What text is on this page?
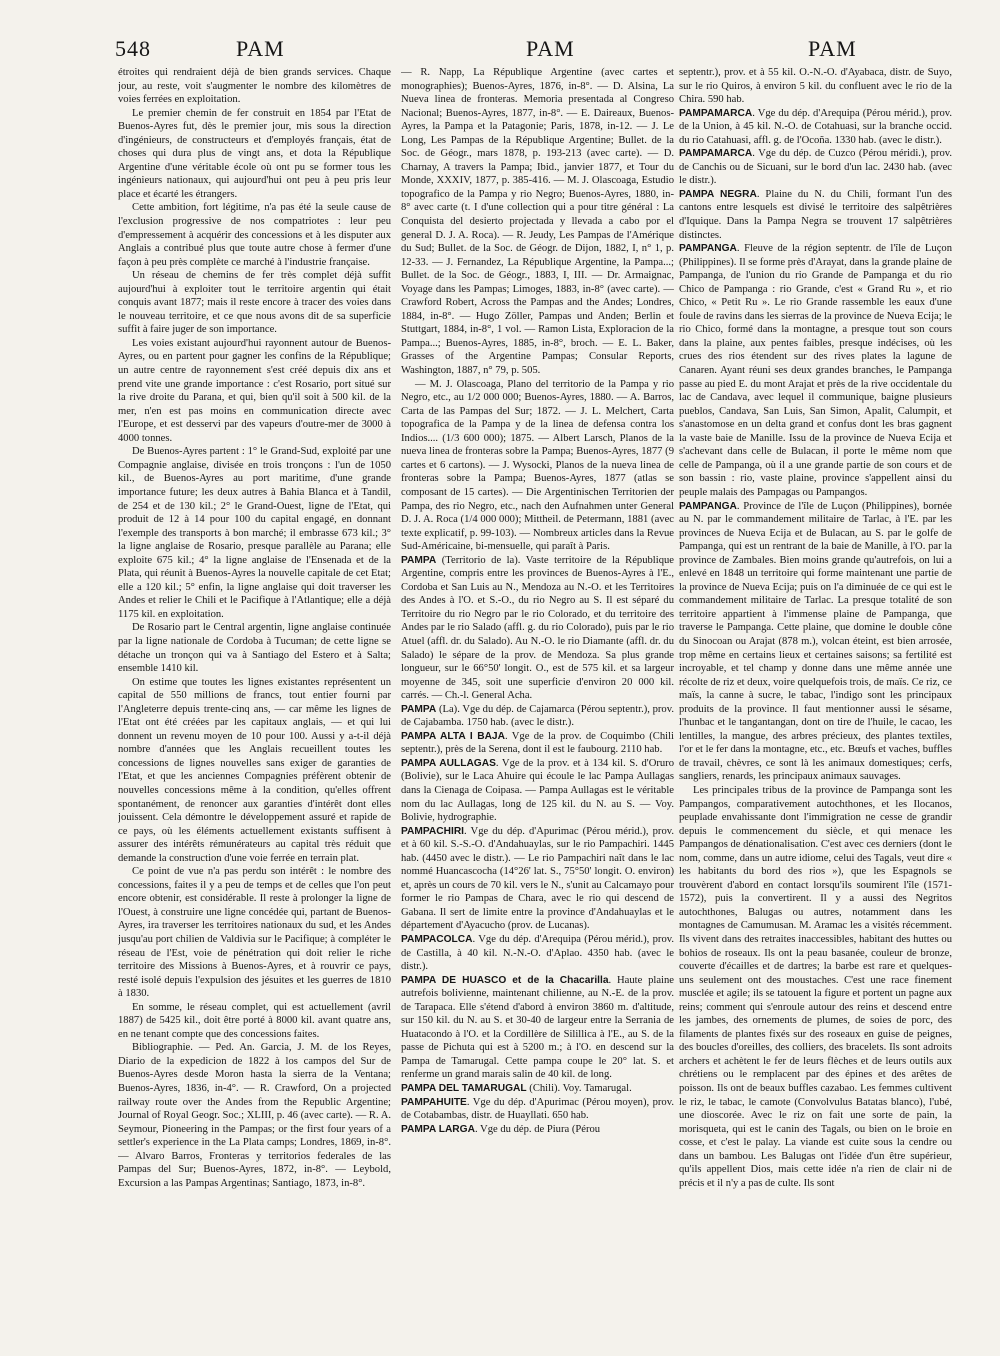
548	PAM	PAM	PAM

étroites qui rendraient déjà de bien grands services. Chaque jour, au reste, voit s'augmenter le nombre des kilomètres de voies ferrées en exploitation.

Le premier chemin de fer construit en 1854 par l'Etat de Buenos-Ayres fut, dès le premier jour, mis sous la direction d'ingénieurs, de constructeurs et d'employés français, état de choses qui dura plus de vingt ans, et dota la République Argentine d'une véritable école où ont pu se former tous les ingénieurs nationaux, qui aujourd'hui ont peu à peu pris leur place et écarté les étrangers.

Cette ambition, fort légitime, n'a pas été la seule cause de l'exclusion progressive de nos compatriotes : leur peu d'empressement à acquérir des concessions et à les disputer aux Anglais a contribué plus que toute autre chose à fermer d'une façon à peu près complète ce marché à l'industrie française.

Un réseau de chemins de fer très complet déjà suffit aujourd'hui à exploiter tout le territoire argentin qui était conquis avant 1877; mais il reste encore à tracer des voies dans le nouveau territoire, et ce que nous avons dit de sa superficie suffit à faire juger de son importance.

Les voies existant aujourd'hui rayonnent autour de Buenos-Ayres, ou en partent pour gagner les confins de la République; un autre centre de rayonnement s'est créé depuis dix ans et prend vite une grande importance : c'est Rosario, port situé sur la rive droite du Parana, et qui, bien qu'il soit à 500 kil. de la mer, n'en est pas moins en communication directe avec l'Europe, et est desservi par des vapeurs d'outre-mer de 3000 à 4000 tonnes.

De Buenos-Ayres partent : 1° le Grand-Sud, exploité par une Compagnie anglaise, divisée en trois tronçons : l'un de 1050 kil., de Buenos-Ayres au port maritime, d'une grande importance future; les deux autres à Bahia Blanca et à Tandil, de 254 et de 130 kil.; 2° le Grand-Ouest, ligne de l'Etat, qui produit de 12 à 14 pour 100 du capital engagé, en donnant l'exemple des transports à bon marché; il embrasse 673 kil.; 3° la ligne anglaise de Rosario, presque parallèle au Parana; elle exploite 675 kil.; 4° la ligne anglaise de l'Ensenada et de la Plata, qui réunit à Buenos-Ayres la nouvelle capitale de cet Etat; elle a 120 kil.; 5° enfin, la ligne anglaise qui doit traverser les Andes et relier le Chili et le Pacifique à l'Atlantique; elle a déjà 1175 kil. en exploitation.

De Rosario part le Central argentin, ligne anglaise continuée par la ligne nationale de Cordoba à Tucuman; de cette ligne se détache un tronçon qui va à Santiago del Estero et à Salta; ensemble 1410 kil.

On estime que toutes les lignes existantes représentent un capital de 550 millions de francs, tout entier fourni par l'Angleterre depuis trente-cinq ans, — car même les lignes de l'Etat ont été créées par les capitaux anglais, — et qui lui donnent un revenu moyen de 10 pour 100. Aussi y a-t-il déjà nombre d'années que les Anglais recueillent toutes les concessions de lignes nouvelles sans exiger de garanties de l'Etat, et que les anciennes Compagnies préfèrent obtenir de nouvelles concessions même à la condition, qu'elles offrent spontanément, de renoncer aux garanties d'intérêt dont elles jouissent. Cela démontre le développement assuré et rapide de ce pays, où les éléments actuellement existants suffisent à assurer des intérêts rémunérateurs au capital très réduit que demande la construction d'une voie ferrée en terrain plat.

Ce point de vue n'a pas perdu son intérêt : le nombre des concessions, faites il y a peu de temps et de celles que l'on peut encore obtenir, est considérable. Il reste à prolonger la ligne de l'Ouest, à construire une ligne concédée qui, partant de Buenos-Ayres, ira traverser les territoires nationaux du sud, et les Andes jusqu'au port chilien de Valdivia sur le Pacifique; à compléter le réseau de l'Est, voie de pénétration qui doit relier le riche territoire des Missions à Buenos-Ayres, et à rouvrir ce pays, resté isolé depuis l'expulsion des jésuites et les guerres de 1810 à 1830.

En somme, le réseau complet, qui est actuellement (avril 1887) de 5425 kil., doit être porté à 8000 kil. avant quatre ans, en ne tenant compte que des concessions faites.

Bibliographie. — Ped. An. Garcia, J. M. de los Reyes, Diario de la expedicion de 1822 à los campos del Sur de Buenos-Ayres desde Moron hasta la sierra de la Ventana; Buenos-Ayres, 1836, in-4°. — R. Crawford, On a projected railway route over the Andes from the Republic Argentine; Journal of Royal Geogr. Soc.; XLIII, p. 46 (avec carte). — R. A. Seymour, Pioneering in the Pampas; or the first four years of a settler's experience in the La Plata camps; Londres, 1869, in-8°. — Alvaro Barros, Fronteras y territorios federales de las Pampas del Sur; Buenos-Ayres, 1872, in-8°. — Leybold, Excursion a las Pampas Argentinas; Santiago, 1873, in-8°.

— R. Napp, La République Argentine (avec cartes et monographies); Buenos-Ayres, 1876, in-8°. — D. Alsina, La Nueva linea de fronteras. Memoria presentada al Congreso Nacional; Buenos-Ayres, 1877, in-8°. — E. Daireaux, Buenos-Ayres, la Pampa et la Patagonie; Paris, 1878, in-12. — J. Le Long, Les Pampas de la République Argentine; Bullet. de la Soc. de Géogr., mars 1878, p. 193-213 (avec carte). — D. Charnay, A travers la Pampa; Ibid., janvier 1877, et Tour du Monde, XXXIV, 1877, p. 385-416. — M. J. Olascoaga, Estudio topografico de la Pampa y rio Negro; Buenos-Ayres, 1880, in-8° avec carte (t. I d'une collection qui a pour titre général : La Conquista del desierto projectada y llevada a cabo por el general D. J. A. Roca). — R. Jeudy, Les Pampas de l'Amérique du Sud; Bullet. de la Soc. de Géogr. de Dijon, 1882, I, n° 1, p. 12-33. — J. Fernandez, La République Argentine, la Pampa...; Bullet. de la Soc. de Géogr., 1883, I, III. — Dr. Armaignac, Voyage dans les Pampas; Limoges, 1883, in-8° (avec carte). — Crawford Robert, Across the Pampas and the Andes; Londres, 1884, in-8°. — Hugo Zöller, Pampas und Anden; Berlin et Stuttgart, 1884, in-8°, 1 vol. — Ramon Lista, Exploracion de la Pampa...; Buenos-Ayres, 1885, in-8°, broch. — E. L. Baker, Grasses of the Argentine Pampas; Consular Reports, Washington, 1887, n° 79, p. 505.

— M. J. Olascoaga, Plano del territorio de la Pampa y rio Negro, etc., au 1/2 000 000; Buenos-Ayres, 1880. — A. Barros, Carta de las Pampas del Sur; 1872. — J. L. Melchert, Carta topografica de la Pampa y de la linea de defensa contra los Indios.... (1/3 600 000); 1875. — Albert Larsch, Planos de la nueva linea de fronteras sobre la Pampa; Buenos-Ayres, 1877 (9 cartes et 6 cartons). — J. Wysocki, Planos de la nueva linea de fronteras sobre la Pampa; Buenos-Ayres, 1877 (atlas se composant de 15 cartes). — Die Argentinischen Territorien der Pampa, des rio Negro, etc., nach den Aufnahmen unter General D. J. A. Roca (1/4 000 000); Mittheil. de Petermann, 1881 (avec texte explicatif, p. 99-103). — Nombreux articles dans la Revue Sud-Américaine, bi-mensuelle, qui paraît à Paris.

PAMPA (Territorio de la). Vaste territoire de la République Argentine, compris entre les provinces de Buenos-Ayres à l'E., Cordoba et San Luis au N., Mendoza au N.-O. et les Territoires des Andes à l'O. et S.-O., du rio Negro au S. Il est séparé du Territoire du rio Negro par le rio Colorado, et du territoire des Andes par le rio Salado (affl. g. du rio Colorado), puis par le rio Atuel (affl. dr. du Salado). Au N.-O. le rio Diamante (affl. dr. du Salado) le sépare de la prov. de Mendoza. Sa plus grande longueur, sur le 66°50' longit. O., est de 575 kil. et sa largeur moyenne de 345, soit une superficie d'environ 20 000 kil. carrés. — Ch.-l. General Acha.

PAMPA (La). Vge du dép. de Cajamarca (Pérou septentr.), prov. de Cajabamba. 1750 hab. (avec le distr.).

PAMPA ALTA I BAJA. Vge de la prov. de Coquimbo (Chili septentr.), près de la Serena, dont il est le faubourg. 2110 hab.

PAMPA AULLAGAS. Vge de la prov. et à 134 kil. S. d'Oruro (Bolivie), sur le Laca Ahuire qui écoule le lac Pampa Aullagas dans la Cienaga de Coipasa. — Pampa Aullagas est le véritable nom du lac Aullagas, long de 125 kil. du N. au S. — Voy. Bolivie, hydrographie.

PAMPACHIRI. Vge du dép. d'Apurimac (Pérou mérid.), prov. et à 60 kil. S.-S.-O. d'Andahuaylas, sur le rio Pampachiri. 1445 hab. (4450 avec le distr.). — Le rio Pampachiri naît dans le lac nommé Huancascocha (14°26' lat. S., 75°50' longit. O. environ) et, après un cours de 70 kil. vers le N., s'unit au Calcamayo pour former le rio Pampas de Chara, avec le rio qui descend de Gabana. Il sert de limite entre la province d'Andahuaylas et le département d'Ayacucho (prov. de Lucanas).

PAMPACOLCA. Vge du dép. d'Arequipa (Pérou mérid.), prov. de Castilla, à 40 kil. N.-N.-O. d'Aplao. 4350 hab. (avec le distr.).

PAMPA DE HUASCO et de la Chacarilla. Haute plaine autrefois bolivienne, maintenant chilienne, au N.-E. de la prov. de Tarapaca. Elle s'étend d'abord à environ 3860 m. d'altitude, sur 150 kil. du N. au S. et 30-40 de largeur entre la Serrania de Huatacondo à l'O. et la Cordillère de Silillica à l'E., au S. de la passe de Pichuta qui est à 5200 m.; à l'O. en descend sur la Pampa de Tamarugal. Cette pampa coupe le 20° lat. S. et renferme un grand marais salin de 40 kil. de long.

PAMPA DEL TAMARUGAL (Chili). Voy. Tamarugal.

PAMPAHUITE. Vge du dép. d'Apurimac (Pérou moyen), prov. de Cotabambas, distr. de Huayllati. 650 hab.

PAMPA LARGA. Vge du dép. de Piura (Pérou

septentr.), prov. et à 55 kil. O.-N.-O. d'Ayabaca, distr. de Suyo, sur le rio Quiros, à environ 5 kil. du confluent avec le rio de la Chira. 590 hab.

PAMPAMARCA. Vge du dép. d'Arequipa (Pérou mérid.), prov. de la Union, à 45 kil. N.-O. de Cotahuasi, sur la branche occid. du rio Catahuasi, affl. g. de l'Ocoña. 1330 hab. (avec le distr.).

PAMPAMARCA. Vge du dép. de Cuzco (Pérou méridi.), prov. de Canchis ou de Sicuani, sur le bord d'un lac. 2430 hab. (avec le distr.).

PAMPA NEGRA. Plaine du N. du Chili, formant l'un des cantons entre lesquels est divisé le territoire des salpêtrières d'Iquique. Dans la Pampa Negra se trouvent 17 salpêtrières distinctes.

PAMPANGA. Fleuve de la région septentr. de l'île de Luçon (Philippines). Il se forme près d'Arayat, dans la grande plaine de Pampanga, de l'union du rio Grande de Pampanga et du rio Chico de Pampanga : rio Grande, c'est « Grand Ru », et rio Chico, « Petit Ru ». Le rio Grande rassemble les eaux d'une foule de ravins dans les sierras de la province de Nueva Ecija; le rio Chico, formé dans la montagne, a presque tout son cours dans la plaine, aux pentes faibles, presque indécises, où les crues des rios étendent sur des rives plates la lagune de Canaren. Ayant réuni ses deux grandes branches, le Pampanga passe au pied E. du mont Arajat et près de la rive occidentale du lac de Candava, avec lequel il communique, baigne plusieurs pueblos, Candava, San Luis, San Simon, Apalit, Calumpit, et s'anastomose en un delta grand et confus dont les bras gagnent la vaste baie de Manille. Issu de la province de Nueva Ecija et s'achevant dans celle de Bulacan, il porte le même nom que celle de Pampanga, où il a une grande partie de son cours et de son bassin : rio, vaste plaine, province s'appellent ainsi du peuple malais des Pampagas ou Pampangos.

PAMPANGA. Province de l'île de Luçon (Philippines), bornée au N. par le commandement militaire de Tarlac, à l'E. par les provinces de Nueva Ecija et de Bulacan, au S. par le golfe de Pampanga, qui est un rentrant de la baie de Manille, à l'O. par la province de Zambales. Bien moins grande qu'autrefois, on lui a enlevé en 1848 un territoire qui forme maintenant une partie de la province de Nueva Ecija; puis on l'a diminuée de ce qui est le commandement militaire de Tarlac. La presque totalité de son territoire appartient à l'immense plaine de Pampanga, que traverse le Pampanga. Cette plaine, que domine le double cône du Sinocoan ou Arajat (878 m.), volcan éteint, est bien arrosée, trop même en certains lieux et certaines saisons; sa fertilité est incroyable, et tel champ y donne dans une même année une récolte de riz et deux, voire quelquefois trois, de maïs. Ce riz, ce maïs, la canne à sucre, le tabac, l'indigo sont les principaux produits de la province. Il faut mentionner aussi le sésame, l'hunbac et le tangantangan, dont on tire de l'huile, le cacao, les lentilles, la mangue, des arbres précieux, des plantes textiles, l'or et le fer dans la montagne, etc., etc. Bœufs et vaches, buffles de travail, chèvres, ce sont là les animaux domestiques; cerfs, sangliers, renards, les principaux animaux sauvages.

Les principales tribus de la province de Pampanga sont les Pampangos, comparativement autochthones, et les Ilocanos, peuplade envahissante dont l'immigration ne cesse de grandir depuis le commencement du siècle, et qui menace les Pampangos de dénationalisation. C'est avec ces derniers (dont le nom, comme, dans un autre idiome, celui des Tagals, veut dire « les habitants du bord des rios »), que les Espagnols se trouvèrent d'abord en contact lorsqu'ils soumirent l'île (1571-1572), puis la convertirent. Il y a aussi des Negritos autochthones, Balugas ou autres, notamment dans les montagnes de Camumusan. M. Aramac les a visités récemment. Ils vivent dans des retraites inaccessibles, habitant des huttes ou bohios de roseaux. Ils ont la peau basanée, couleur de bronze, couverte d'écailles et de dartres; la barbe est rare et quelques-uns seulement ont des moustaches. C'est une race finement musclée et agile; ils se tatouent la figure et portent un pagne aux reins; comment qui s'enroule autour des reins et descend entre les jambes, des ornements de plumes, de soies de porc, des filaments de plantes fixés sur des roseaux en guise de peignes, des boucles d'oreilles, des colliers, des bracelets. Ils sont adroits archers et achètent le fer de leurs flèches et de leurs outils aux chrétiens ou le remplacent par des épines et des arêtes de poisson. Ils ont de beaux buffles cazabao. Les femmes cultivent le riz, le tabac, le camote (Convolvulus Batatas blanco), l'ubé, une dioscorée. Avec le riz on fait une sorte de pain, la morisqueta, qui est le canin des Tagals, ou bien on le broie en cosse, et c'est le palay. La viande est cuite sous la cendre ou dans un bambou. Les Balugas ont l'idée d'un être supérieur, qu'ils appellent Dios, mais cette idée n'a rien de clair ni de précis et il n'y a pas de culte. Ils sont
